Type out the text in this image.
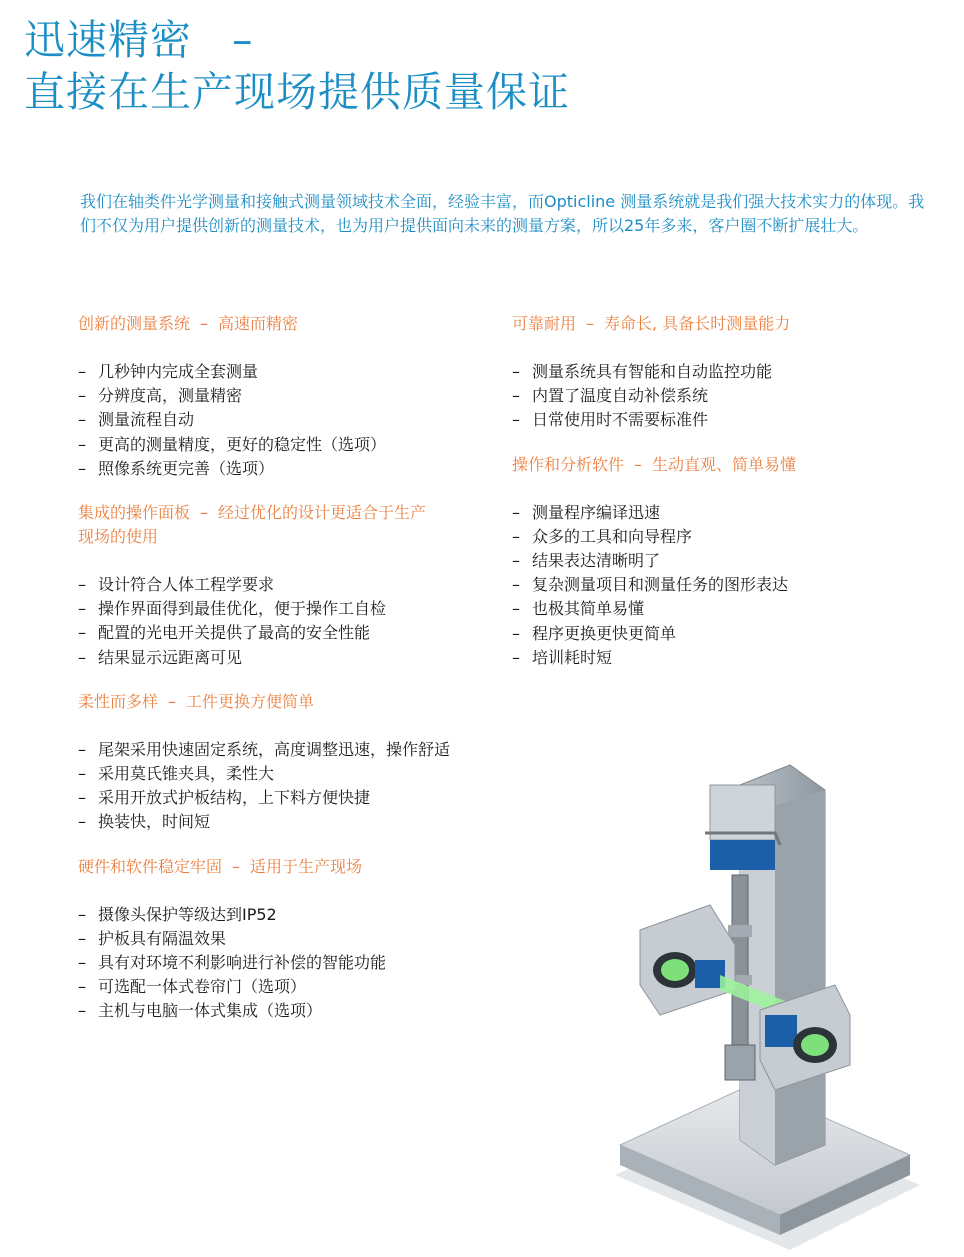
迅速精密 –
直接在生产现场提供质量保证
我们在轴类件光学测量和接触式测量领域技术全面，经验丰富，而Opticline 测量系统就是我们强大技术实力的体现。我们不仅为用户提供创新的测量技术，也为用户提供面向未来的测量方案，所以25年多来，客户圈不断扩展壮大。
创新的测量系统 – 高速而精密
– 几秒钟内完成全套测量
– 分辨度高，测量精密
– 测量流程自动
– 更高的测量精度，更好的稳定性（选项）
– 照像系统更完善（选项）
集成的操作面板 – 经过优化的设计更适合于生产现场的使用
– 设计符合人体工程学要求
– 操作界面得到最佳优化，便于操作工自检
– 配置的光电开关提供了最高的安全性能
– 结果显示远距离可见
柔性而多样 – 工件更换方便简单
– 尾架采用快速固定系统，高度调整迅速，操作舒适
– 采用莫氏锥夹具，柔性大
– 采用开放式护板结构，上下料方便快捷
– 换装快，时间短
硬件和软件稳定牢固 – 适用于生产现场
– 摄像头保护等级达到IP52
– 护板具有隔温效果
– 具有对环境不利影响进行补偿的智能功能
– 可选配一体式卷帘门（选项）
– 主机与电脑一体式集成（选项）
可靠耐用 – 寿命长, 具备长时测量能力
– 测量系统具有智能和自动监控功能
– 内置了温度自动补偿系统
– 日常使用时不需要标准件
操作和分析软件 – 生动直观、简单易懂
– 测量程序编译迅速
– 众多的工具和向导程序
– 结果表达清晰明了
– 复杂测量项目和测量任务的图形表达
– 也极其简单易懂
– 程序更换更快更简单
– 培训耗时短
